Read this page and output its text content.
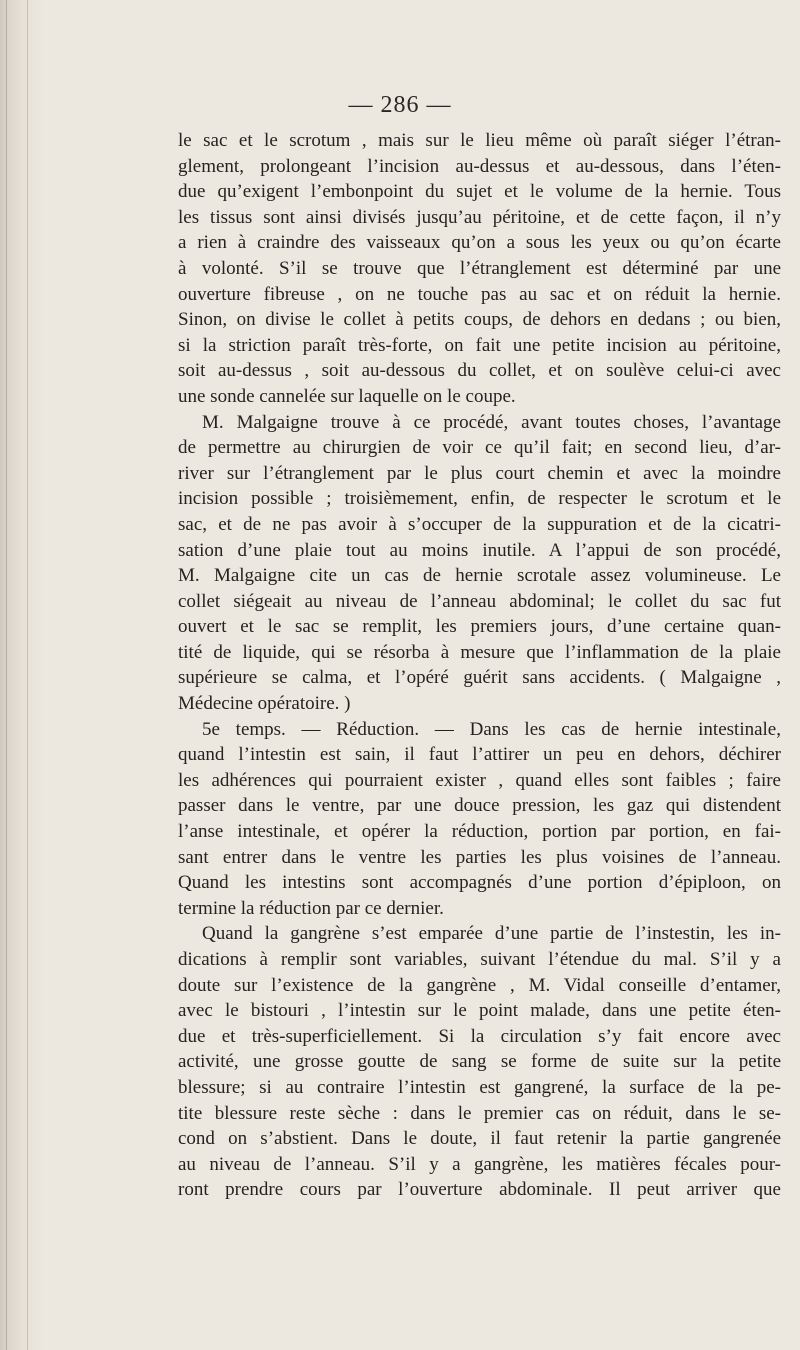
— 286 —
le sac et le scrotum , mais sur le lieu même où paraît siéger l’étran-
glement, prolongeant l’incision au-dessus et au-dessous, dans l’éten-
due qu’exigent l’embonpoint du sujet et le volume de la hernie. Tous
les tissus sont ainsi divisés jusqu’au péritoine, et de cette façon, il n’y
a rien à craindre des vaisseaux qu’on a sous les yeux ou qu’on écarte
à volonté. S’il se trouve que l’étranglement est déterminé par une
ouverture fibreuse , on ne touche pas au sac et on réduit la hernie.
Sinon, on divise le collet à petits coups, de dehors en dedans ; ou bien,
si la striction paraît très-forte, on fait une petite incision au péritoine,
soit au-dessus , soit au-dessous du collet, et on soulève celui-ci avec
une sonde cannelée sur laquelle on le coupe.
M. Malgaigne trouve à ce procédé, avant toutes choses, l’avantage
de permettre au chirurgien de voir ce qu’il fait; en second lieu, d’ar-
river sur l’étranglement par le plus court chemin et avec la moindre
incision possible ; troisièmement, enfin, de respecter le scrotum et le
sac, et de ne pas avoir à s’occuper de la suppuration et de la cicatri-
sation d’une plaie tout au moins inutile. A l’appui de son procédé,
M. Malgaigne cite un cas de hernie scrotale assez volumineuse. Le
collet siégeait au niveau de l’anneau abdominal; le collet du sac fut
ouvert et le sac se remplit, les premiers jours, d’une certaine quan-
tité de liquide, qui se résorba à mesure que l’inflammation de la plaie
supérieure se calma, et l’opéré guérit sans accidents. ( Malgaigne ,
Médecine opératoire. )
5e temps. — Réduction. — Dans les cas de hernie intestinale,
quand l’intestin est sain, il faut l’attirer un peu en dehors, déchirer
les adhérences qui pourraient exister , quand elles sont faibles ; faire
passer dans le ventre, par une douce pression, les gaz qui distendent
l’anse intestinale, et opérer la réduction, portion par portion, en fai-
sant entrer dans le ventre les parties les plus voisines de l’anneau.
Quand les intestins sont accompagnés d’une portion d’épiploon, on
termine la réduction par ce dernier.
Quand la gangrène s’est emparée d’une partie de l’instestin, les in-
dications à remplir sont variables, suivant l’étendue du mal. S’il y a
doute sur l’existence de la gangrène , M. Vidal conseille d’entamer,
avec le bistouri , l’intestin sur le point malade, dans une petite éten-
due et très-superficiellement. Si la circulation s’y fait encore avec
activité, une grosse goutte de sang se forme de suite sur la petite
blessure; si au contraire l’intestin est gangrené, la surface de la pe-
tite blessure reste sèche : dans le premier cas on réduit, dans le se-
cond on s’abstient. Dans le doute, il faut retenir la partie gangrenée
au niveau de l’anneau. S’il y a gangrène, les matières fécales pour-
ront prendre cours par l’ouverture abdominale. Il peut arriver que
